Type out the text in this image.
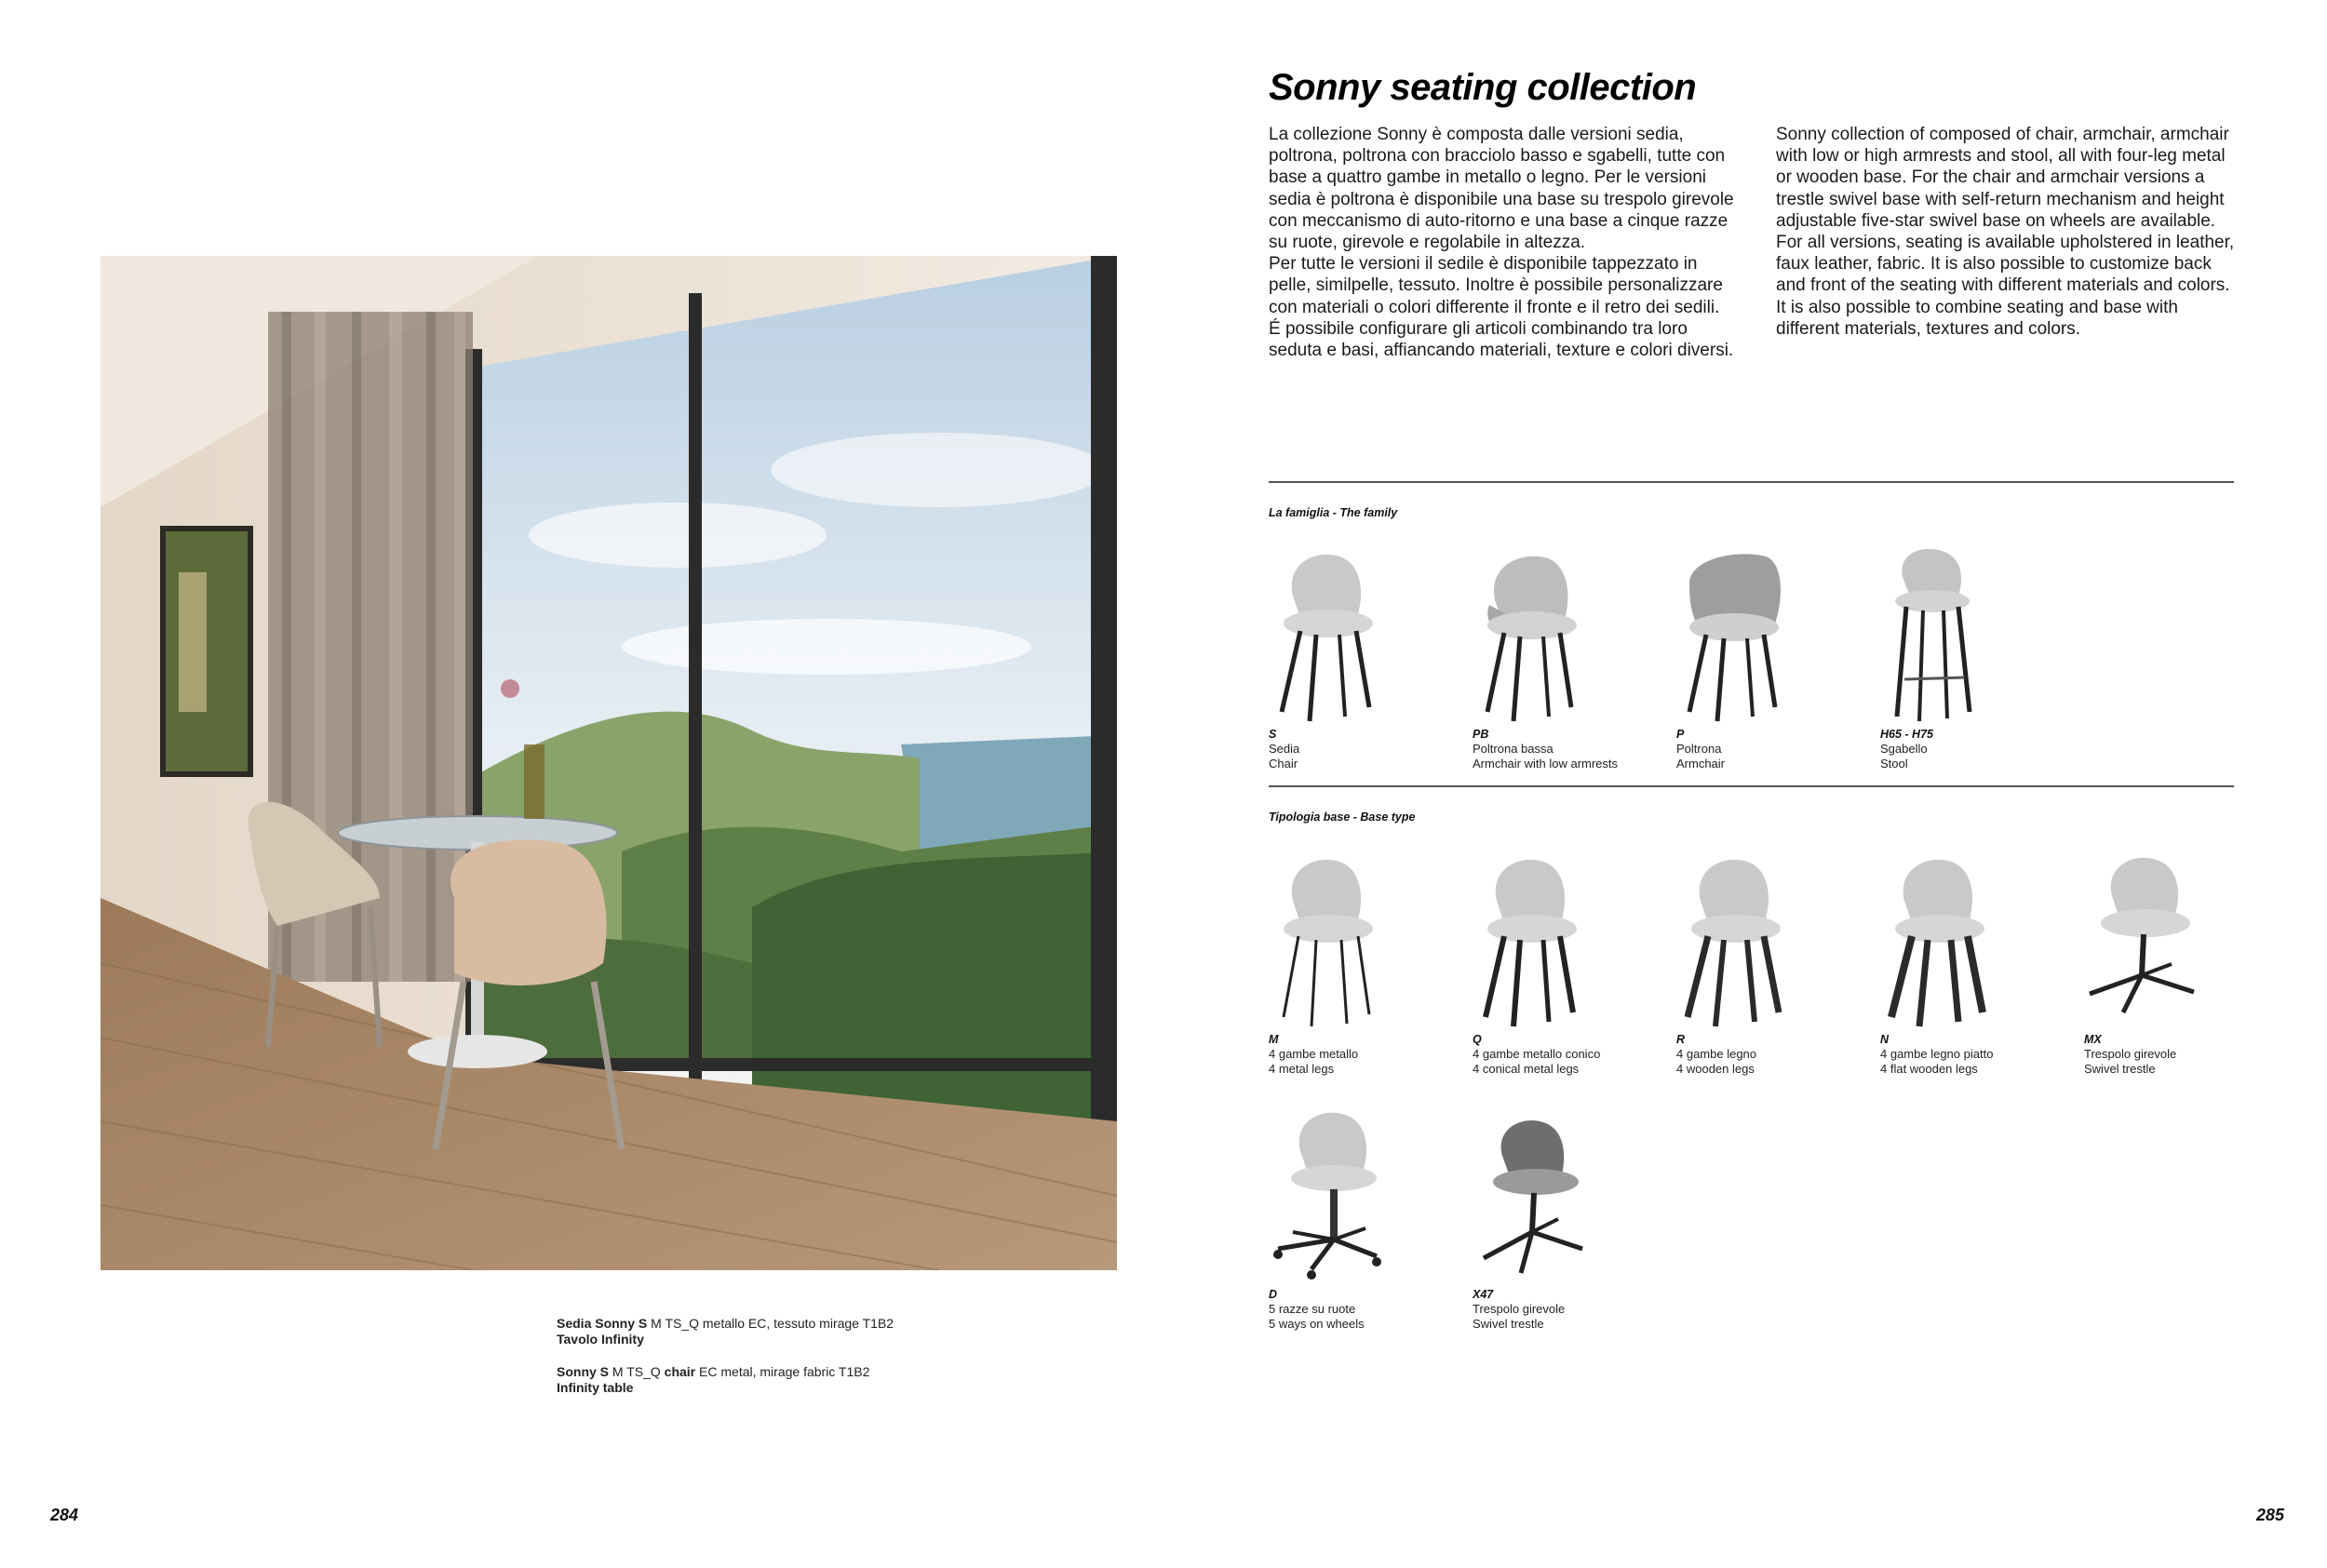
Sedia Sonny S M TS_Q metallo EC, tessuto mirage T1B2
Tavolo Infinity
Sonny S M TS_Q chair EC metal, mirage fabric T1B2
Infinity table
284
Sonny seating collection

La collezione Sonny è composta dalle versioni sedia, poltrona, poltrona con bracciolo basso e sgabelli, tutte con base a quattro gambe in metallo o legno. Per le versioni sedia è poltrona è disponibile una base su trespolo girevole con meccanismo di auto-ritorno e una base a cinque razze su ruote, girevole e regolabile in altezza.

Per tutte le versioni il sedile è disponibile tappezzato in pelle, similpelle, tessuto. Inoltre è possibile personalizzare con materiali o colori differente il fronte e il retro dei sedili.

É possibile configurare gli articoli combinando tra loro seduta e basi, affiancando materiali, texture e colori diversi.

Sonny collection of composed of chair, armchair, armchair with low or high armrests and stool, all with four-leg metal or wooden base. For the chair and armchair versions a trestle swivel base with self-return mechanism and height adjustable five-star swivel base on wheels are available.

For all versions, seating is available upholstered in leather, faux leather, fabric. It is also possible to customize back and front of the seating with different materials and colors.

It is also possible to combine seating and base with different materials, textures and colors.

La famiglia - The family
S
Sedia
Chair
PB
Poltrona bassa
Armchair with low armrests
P
Poltrona
Armchair
H65 - H75
Sgabello
Stool
Tipologia base - Base type
M
4 gambe metallo
4 metal legs
Q
4 gambe metallo conico
4 conical metal legs
R
4 gambe legno
4 wooden legs
N
4 gambe legno piatto
4 flat wooden legs
MX
Trespolo girevole
Swivel trestle
D
5 razze su ruote
5 ways on wheels
X47
Trespolo girevole
Swivel trestle
285
